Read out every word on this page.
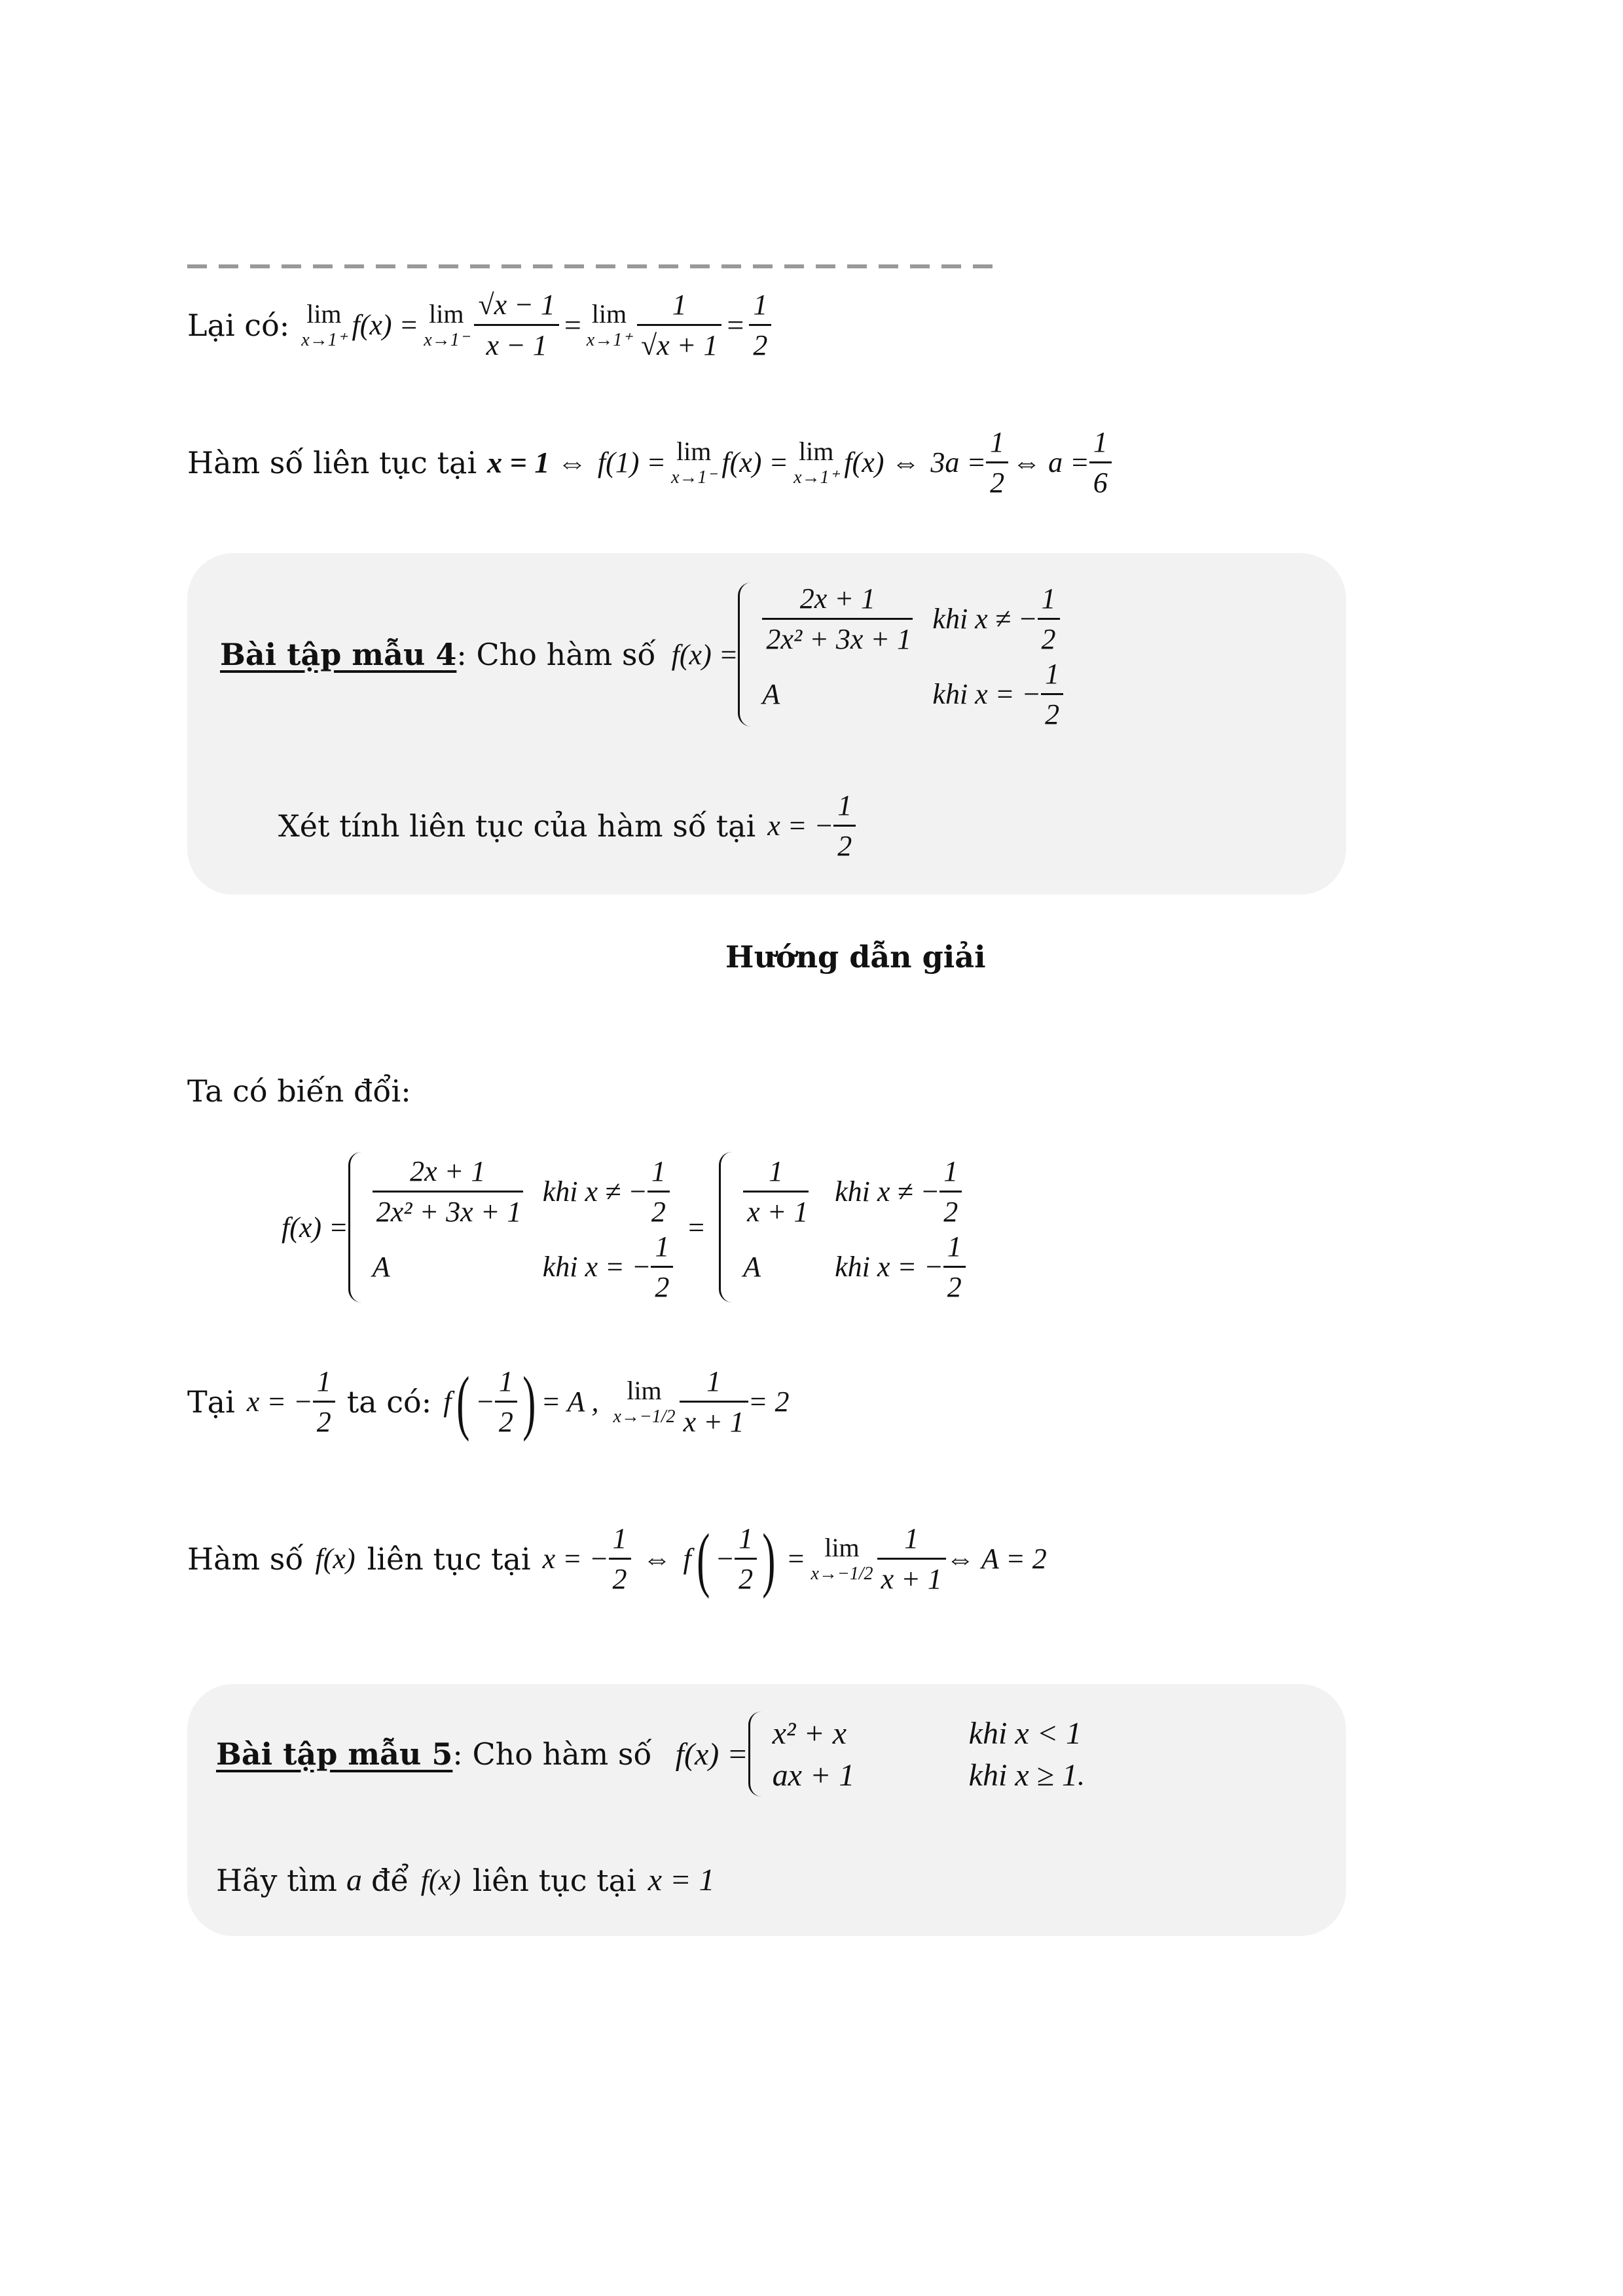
Lại có: lim
x→1⁺ f(x) = lim
$x\to 1^- \frac{√x - 1}{x - 1} = \lim$
$x\to 1^+ \frac{1}{√x + 1} = \frac{1}{2}$
Hàm số liên tục tại x = 1 ⇔ f(1) = lim
x→1⁻ f(x) = lim
x→1⁺ f(x) ⇔ $3a = \frac{1}{2}$ ⇔ $a = \frac{1}{6}$
Bài tập mẫu 4 : Cho hàm số $f(x) = \frac{2x + 1}{\text{2x² + 3x + 1}}$ khi x ≠ − $\frac{1}{2}$
A	khi x = − $\frac{1}{2}$
Xét tính liên tục của hàm số tại x = − $\frac{1}{2}$
Hướng dẫn giải
Ta có biến đổi:
$f(x) = \frac{2x + 1}{\text{2x² + 3x + 1}}$ khi x ≠ − $\frac{1}{2}$
A	khi x = − $\frac{1}{2}$
= $\frac{1}{x + 1}$ khi x ≠ − $\frac{1}{2}$
A	khi x = − $\frac{1}{2}$
Tại x = − $\frac{1}{2}$ ta có: f ( − $\frac{1}{2}$ ) = A ,	lim
$x\to-1/2 \frac{1}{x + 1} = 2$
Hàm số f(x) liên tục tại x = − $\frac{1}{2}$ ⇔ f ( − $\frac{1}{2}$ ) = lim
$x\to-1/2 \frac{1}{x + 1}$ ⇔ A = 2
Bài tập mẫu 5 : Cho hàm số f(x) =
x² + x	khi x < 1
ax + 1	khi x ≥ 1 .
Hãy tìm a để f(x) liên tục tại x = 1
